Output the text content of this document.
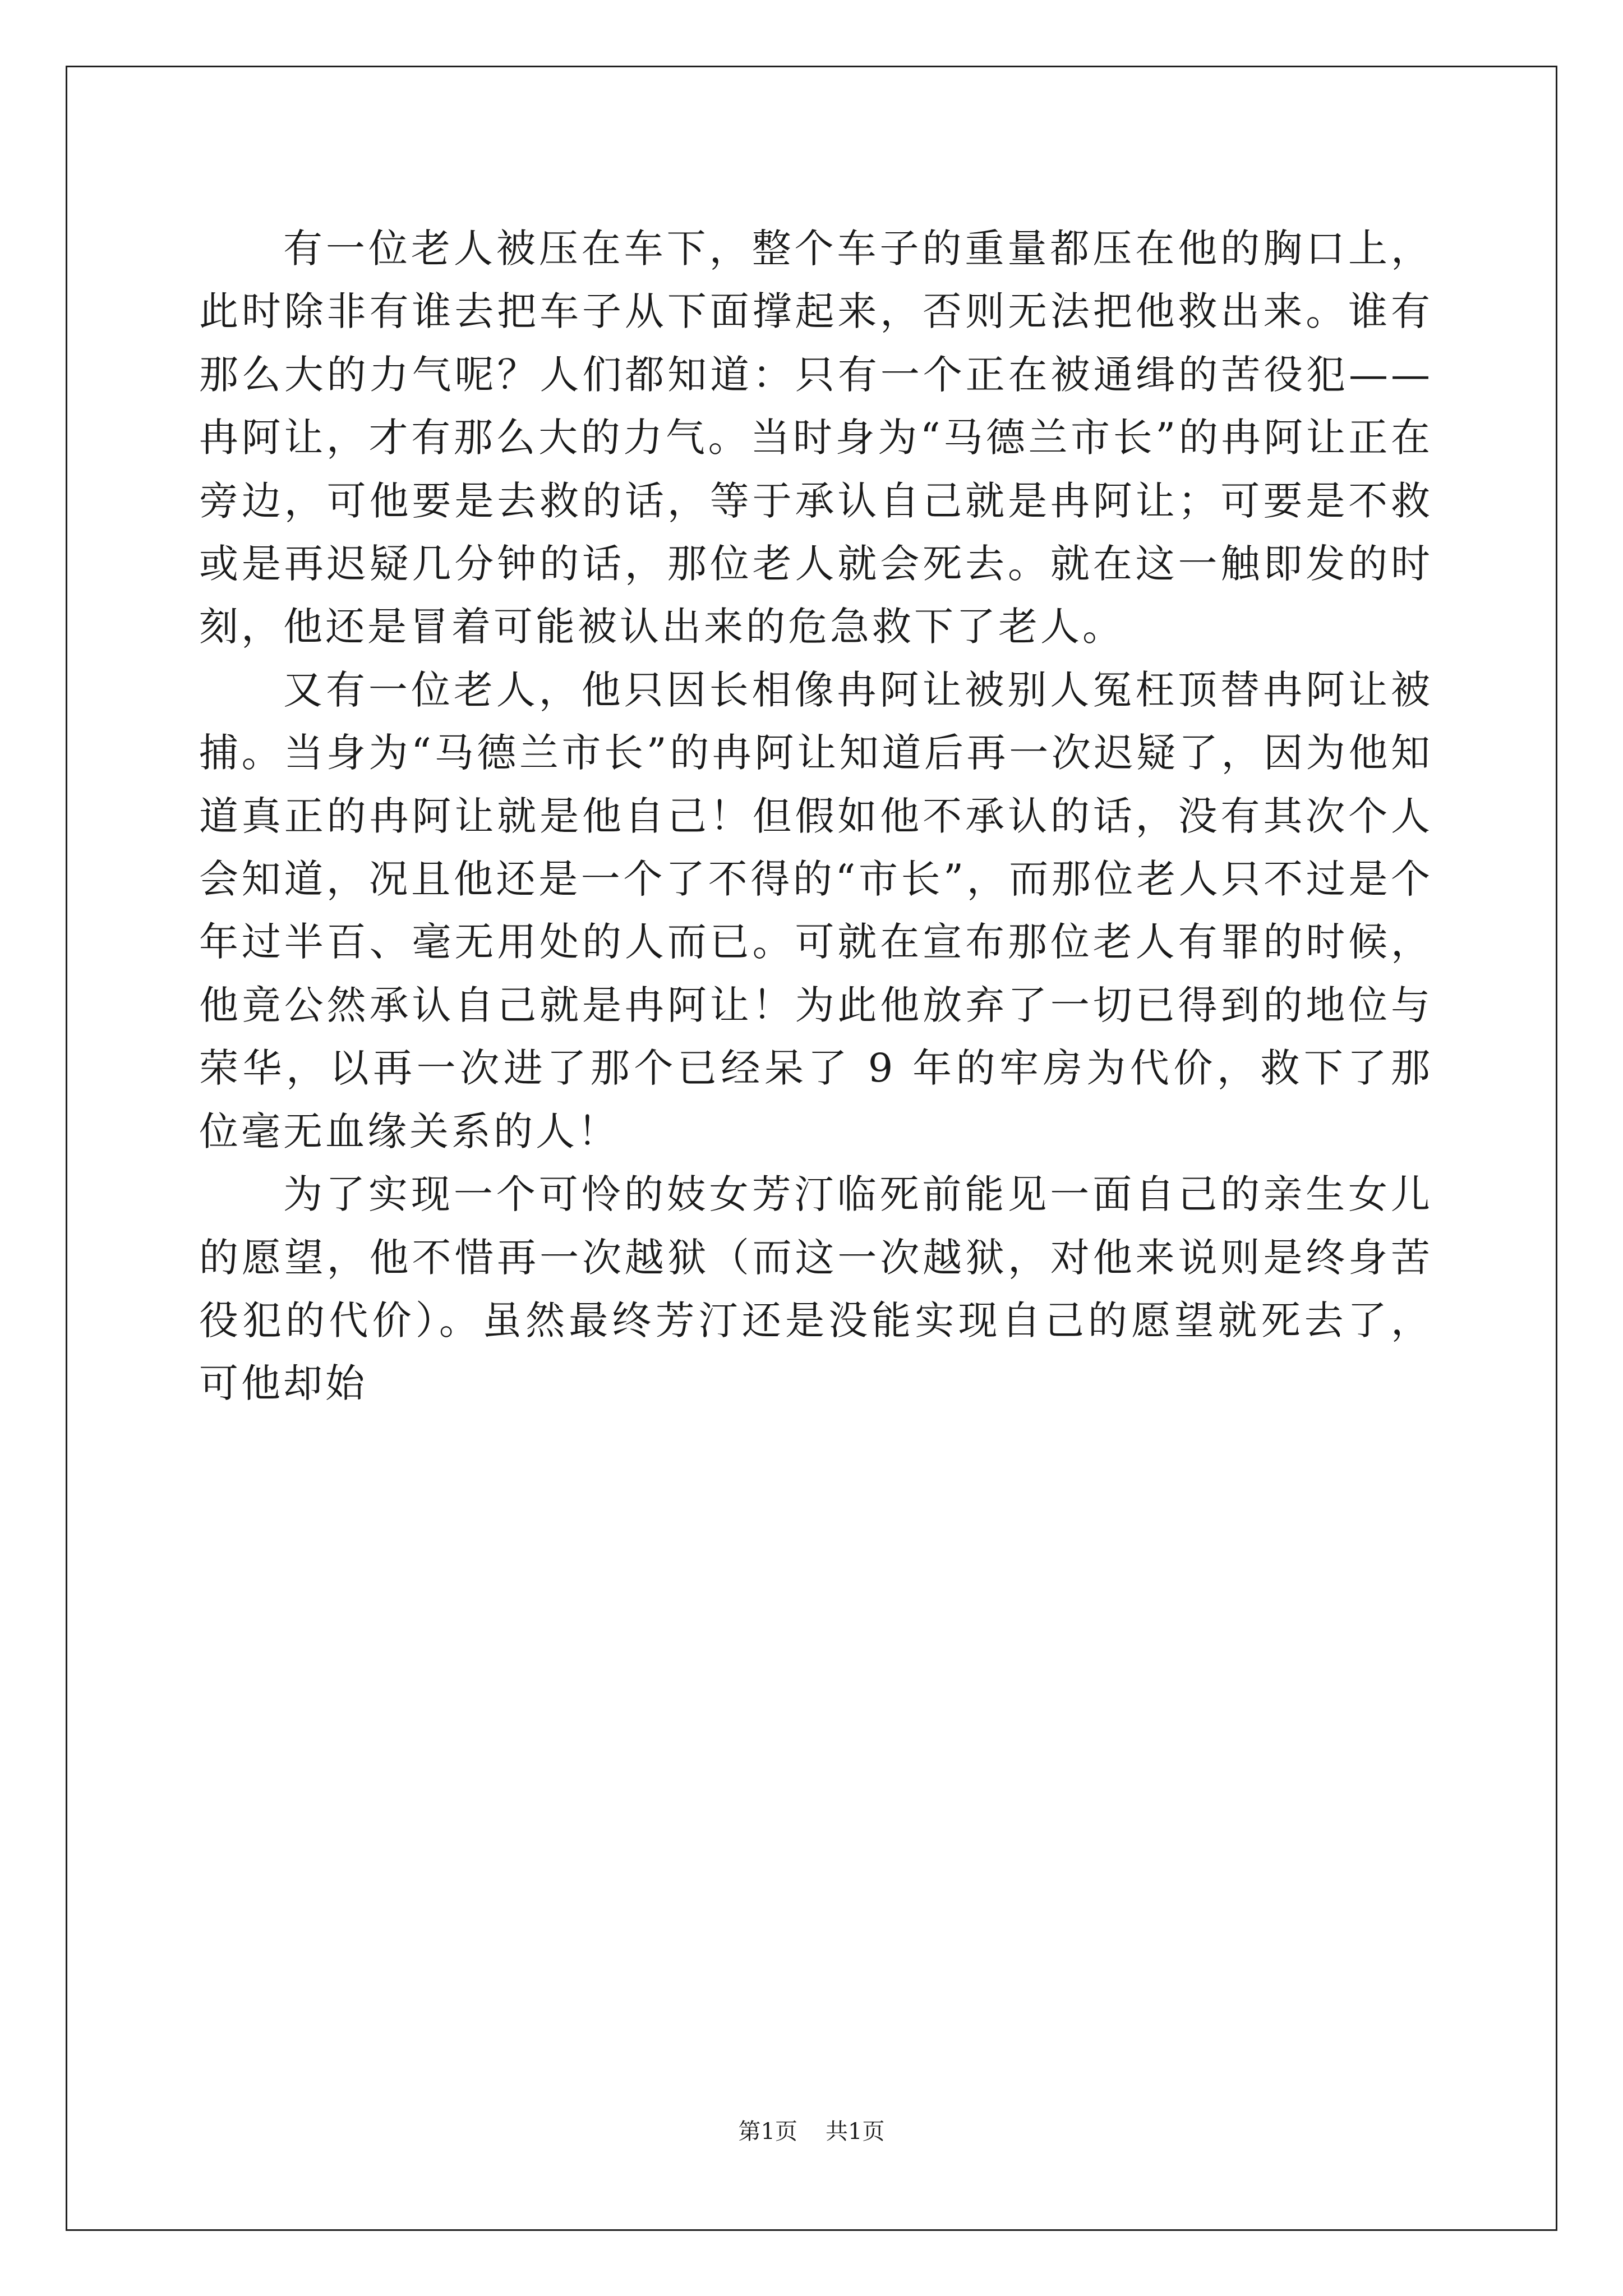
有一位老人被压在车下，整个车子的重量都压在他的胸口上，此时除非有谁去把车子从下面撑起来，否则无法把他救出来。谁有那么大的力气呢？人们都知道：只有一个正在被通缉的苦役犯——冉阿让，才有那么大的力气。当时身为“马德兰市长”的冉阿让正在旁边，可他要是去救的话，等于承认自己就是冉阿让；可要是不救或是再迟疑几分钟的话，那位老人就会死去。就在这一触即发的时刻，他还是冒着可能被认出来的危急救下了老人。

又有一位老人，他只因长相像冉阿让被别人冤枉顶替冉阿让被捕。当身为“马德兰市长”的冉阿让知道后再一次迟疑了，因为他知道真正的冉阿让就是他自己！但假如他不承认的话，没有其次个人会知道，况且他还是一个了不得的“市长”，而那位老人只不过是个年过半百、毫无用处的人而已。可就在宣布那位老人有罪的时候，他竟公然承认自己就是冉阿让！为此他放弃了一切已得到的地位与荣华，以再一次进了那个已经呆了 9 年的牢房为代价，救下了那位毫无血缘关系的人！

为了实现一个可怜的妓女芳汀临死前能见一面自己的亲生女儿的愿望，他不惜再一次越狱（而这一次越狱，对他来说则是终身苦役犯的代价）。虽然最终芳汀还是没能实现自己的愿望就死去了，可他却始

第1页 共1页
